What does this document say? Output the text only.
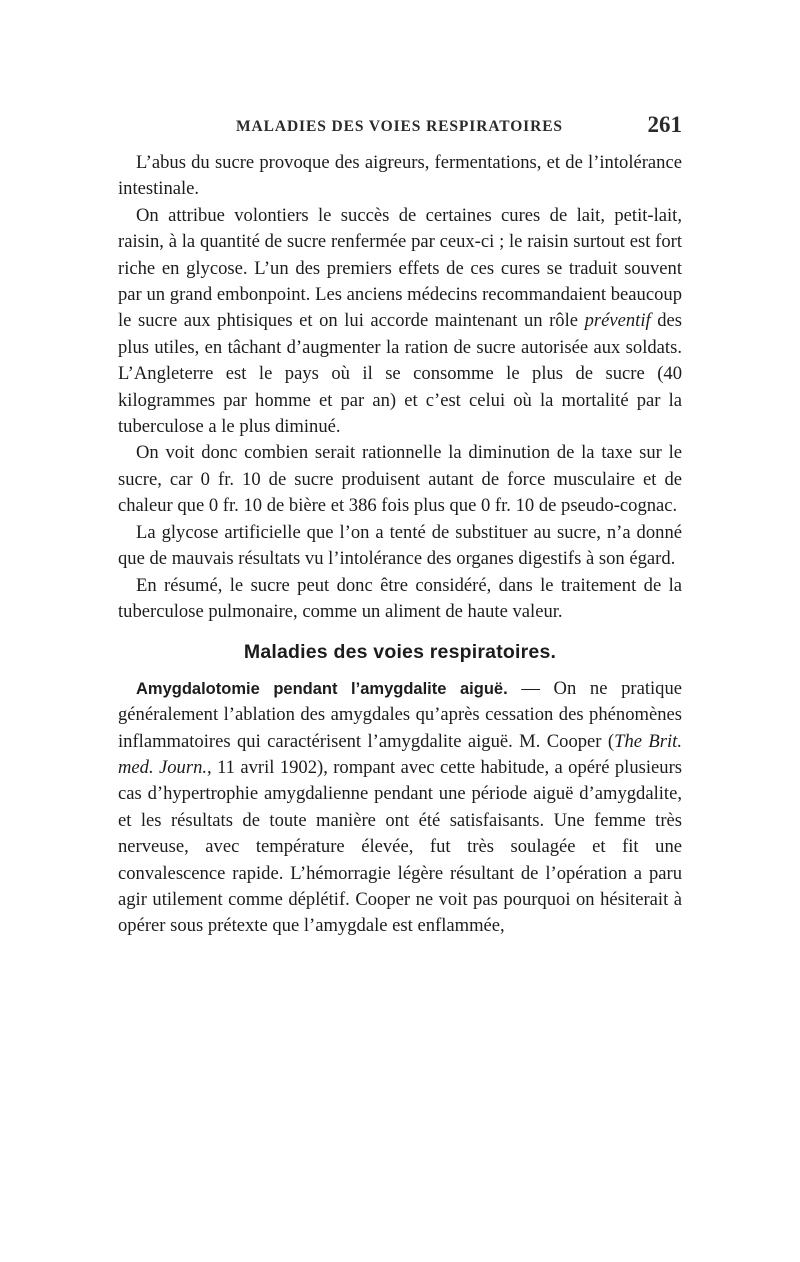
MALADIES DES VOIES RESPIRATOIRES	261

L’abus du sucre provoque des aigreurs, fermentations, et de l’intolérance intestinale.

On attribue volontiers le succès de certaines cures de lait, petit-lait, raisin, à la quantité de sucre renfermée par ceux-ci ; le raisin surtout est fort riche en glycose. L’un des premiers effets de ces cures se traduit souvent par un grand embonpoint. Les anciens médecins recommandaient beaucoup le sucre aux phtisiques et on lui accorde maintenant un rôle préventif des plus utiles, en tâchant d’augmenter la ration de sucre autorisée aux soldats. L’Angleterre est le pays où il se consomme le plus de sucre (40 kilogrammes par homme et par an) et c’est celui où la mortalité par la tuberculose a le plus diminué.

On voit donc combien serait rationnelle la diminution de la taxe sur le sucre, car 0 fr. 10 de sucre produisent autant de force musculaire et de chaleur que 0 fr. 10 de bière et 386 fois plus que 0 fr. 10 de pseudo-cognac.

La glycose artificielle que l’on a tenté de substituer au sucre, n’a donné que de mauvais résultats vu l’intolérance des organes digestifs à son égard.

En résumé, le sucre peut donc être considéré, dans le traitement de la tuberculose pulmonaire, comme un aliment de haute valeur.

Maladies des voies respiratoires.

Amygdalotomie pendant l’amygdalite aiguë. — On ne pratique généralement l’ablation des amygdales qu’après cessation des phénomènes inflammatoires qui caractérisent l’amygdalite aiguë. M. Cooper (The Brit. med. Journ., 11 avril 1902), rompant avec cette habitude, a opéré plusieurs cas d’hypertrophie amygdalienne pendant une période aiguë d’amygdalite, et les résultats de toute manière ont été satisfaisants. Une femme très nerveuse, avec température élevée, fut très soulagée et fit une convalescence rapide. L’hémorragie légère résultant de l’opération a paru agir utilement comme déplétif. Cooper ne voit pas pourquoi on hésiterait à opérer sous prétexte que l’amygdale est enflammée,
